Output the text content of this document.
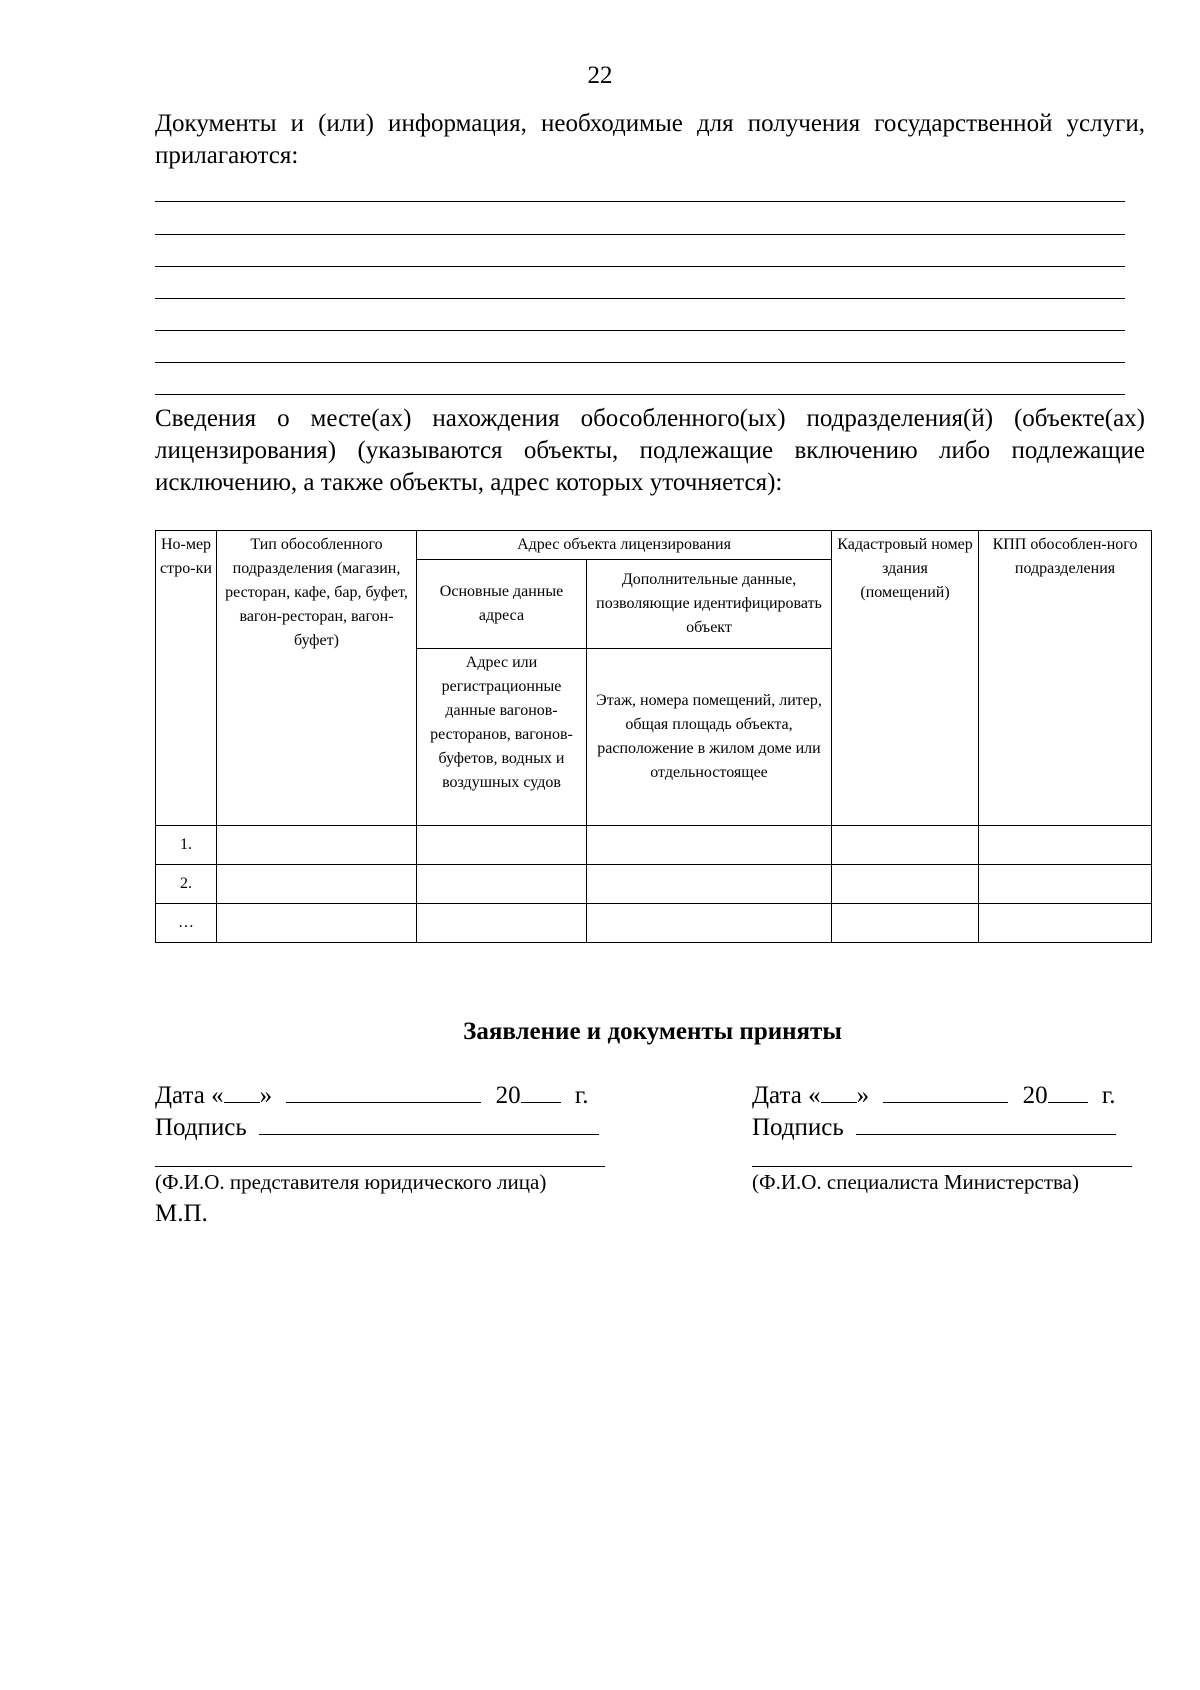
22
Документы и (или) информация, необходимые для получения государственной услуги, прилагаются:
Сведения о месте(ах) нахождения обособленного(ых) подразделения(й) (объекте(ах) лицензирования) (указываются объекты, подлежащие включению либо подлежащие исключению, а также объекты, адрес которых уточняется):
Но-мер стро-ки	Тип обособленного подразделения (магазин, ресторан, кафе, бар, буфет, вагон-ресторан, вагон-буфет)	Адрес объекта лицензирования		Кадастровый номер здания (помещений)	КПП обособлен-ного подразделения
		Основные данные адреса	Дополнительные данные, позволяющие идентифицировать объект		
		Адрес или регистрационные данные вагонов-ресторанов, вагонов-буфетов, водных и воздушных судов	Этаж, номера помещений, литер, общая площадь объекта, расположение в жилом доме или отдельностоящее		
1.					
2.					
…					
Заявление и документы приняты
Дата « »	20 г.
Подпись
(Ф.И.О. представителя юридического лица)
М.П.
Дата « »	20 г.
Подпись
(Ф.И.О. специалиста Министерства)
